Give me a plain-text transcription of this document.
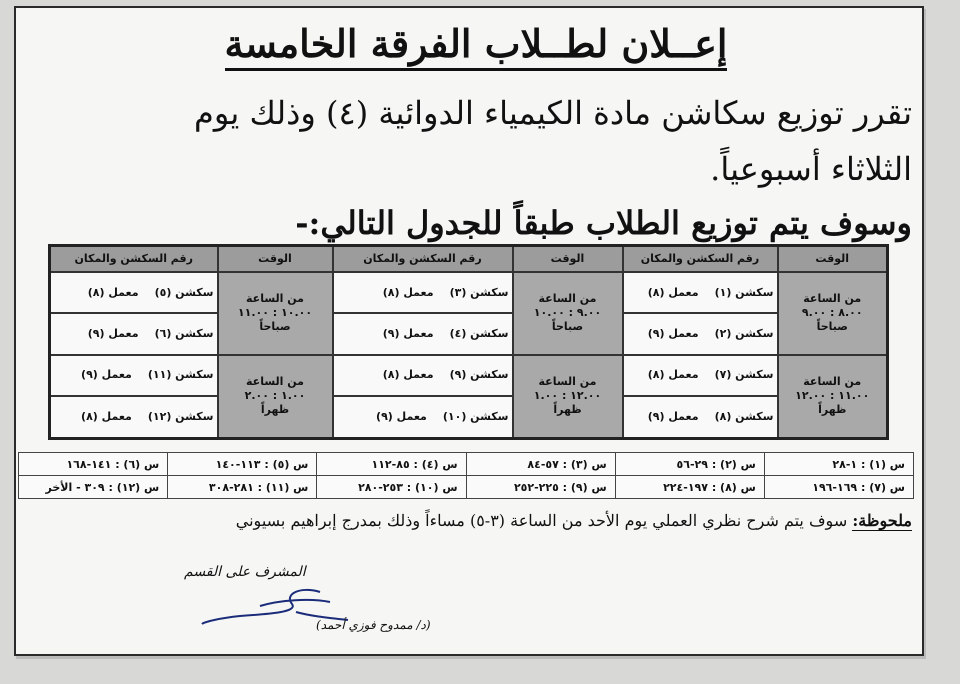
إعــلان لطــلاب الفرقة الخامسة
تقرر توزيع سكاشن مادة الكيمياء الدوائية (٤) وذلك يوم
الثلاثاء أسبوعياً.
وسوف يتم توزيع الطلاب طبقاً للجدول التالي:-
الوقت	رقم السكشن والمكان	الوقت	رقم السكشن والمكان	الوقت	رقم السكشن والمكان
من الساعة
٨.٠٠ : ٩.٠٠
صباحاً	سكشن (١)معمل (٨)	من الساعة
٩.٠٠ : ١٠.٠٠
صباحاً	سكشن (٣)معمل (٨)	من الساعة
١٠.٠٠ : ١١.٠٠
صباحاً	سكشن (٥)معمل (٨)
	سكشن (٢)معمل (٩)		سكشن (٤)معمل (٩)		سكشن (٦)معمل (٩)
من الساعة
١١.٠٠ : ١٢.٠٠
ظهراً	سكشن (٧)معمل (٨)	من الساعة
١٢.٠٠ : ١.٠٠
ظهراً	سكشن (٩)معمل (٨)	من الساعة
١.٠٠ : ٢.٠٠
ظهراً	سكشن (١١)معمل (٩)
	سكشن (٨)معمل (٩)		سكشن (١٠)معمل (٩)		سكشن (١٢)معمل (٨)
س (١) : ١-٢٨	س (٢) : ٢٩-٥٦	س (٣) : ٥٧-٨٤	س (٤) : ٨٥-١١٢	س (٥) : ١١٣-١٤٠	س (٦) : ١٤١-١٦٨
س (٧) : ١٦٩-١٩٦	س (٨) : ١٩٧-٢٢٤	س (٩) : ٢٢٥-٢٥٢	س (١٠) : ٢٥٣-٢٨٠	س (١١) : ٢٨١-٣٠٨	س (١٢) : ٣٠٩ - الأخر
ملحوظة: سوف يتم شرح نظري العملي يوم الأحد من الساعة (٣-٥) مساءاً وذلك بمدرج إبراهيم بسيوني
المشرف على القسم
(د/ ممدوح فوزي أحمد)
